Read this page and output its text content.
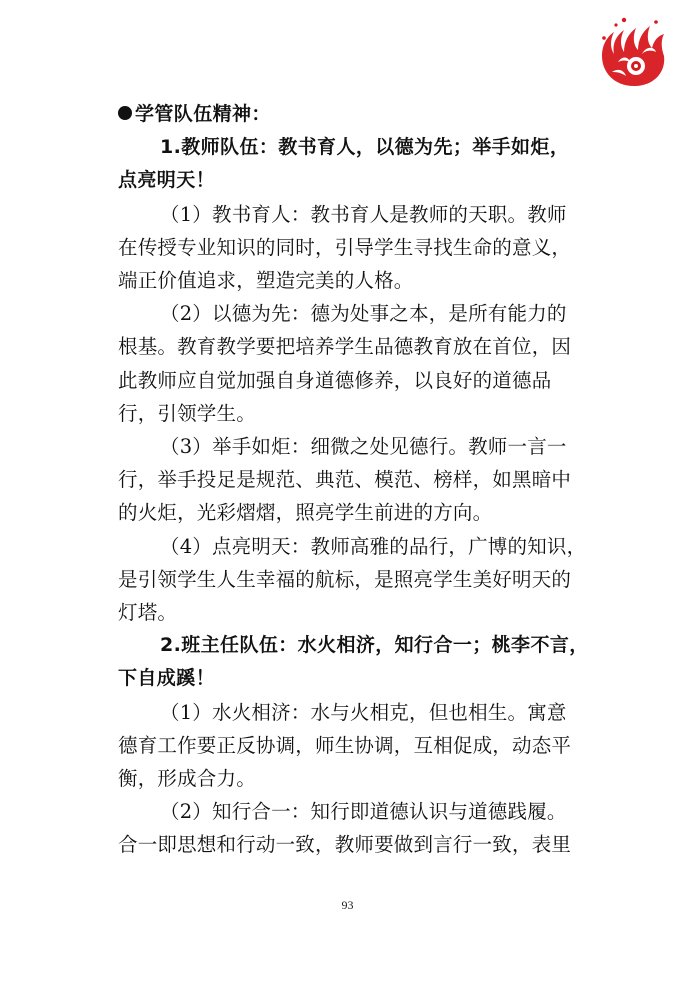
学管队伍精神：

1.教师队伍：教书育人，以德为先；举手如炬，

点亮明天！

（1）教书育人：教书育人是教师的天职。教师

在传授专业知识的同时，引导学生寻找生命的意义，

端正价值追求，塑造完美的人格。

（2）以德为先：德为处事之本，是所有能力的

根基。教育教学要把培养学生品德教育放在首位，因

此教师应自觉加强自身道德修养，以良好的道德品

行，引领学生。

（3）举手如炬：细微之处见德行。教师一言一

行，举手投足是规范、典范、模范、榜样，如黑暗中

的火炬，光彩熠熠，照亮学生前进的方向。

（4）点亮明天：教师高雅的品行，广博的知识，

是引领学生人生幸福的航标，是照亮学生美好明天的

灯塔。

2.班主任队伍：水火相济，知行合一；桃李不言，

下自成蹊！

（1）水火相济：水与火相克，但也相生。寓意

德育工作要正反协调，师生协调，互相促成，动态平

衡，形成合力。

（2）知行合一：知行即道德认识与道德践履。

合一即思想和行动一致，教师要做到言行一致，表里

93
